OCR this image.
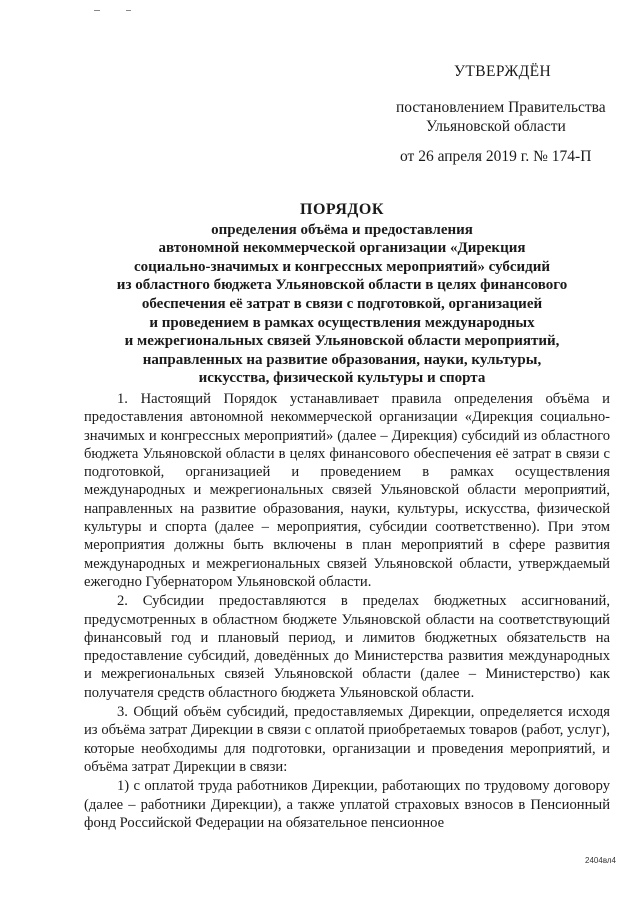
УТВЕРЖДЁН
постановлением Правительства
Ульяновской области
от 26 апреля 2019 г. № 174-П
ПОРЯДОК
определения объёма и предоставления
автономной некоммерческой организации «Дирекция
социально-значимых и конгрессных мероприятий» субсидий
из областного бюджета Ульяновской области в целях финансового
обеспечения её затрат в связи с подготовкой, организацией
и проведением в рамках осуществления международных
и межрегиональных связей Ульяновской области мероприятий,
направленных на развитие образования, науки, культуры,
искусства, физической культуры и спорта

1. Настоящий Порядок устанавливает правила определения объёма и предоставления автономной некоммерческой организации «Дирекция социально-значимых и конгрессных мероприятий» (далее – Дирекция) субсидий из областного бюджета Ульяновской области в целях финансового обеспечения её затрат в связи с подготовкой, организацией и проведением в рамках осуществления международных и межрегиональных связей Ульяновской области мероприятий, направленных на развитие образования, науки, культуры, искусства, физической культуры и спорта (далее – мероприятия, субсидии соответственно). При этом мероприятия должны быть включены в план мероприятий в сфере развития международных и межрегиональных связей Ульяновской области, утверждаемый ежегодно Губернатором Ульяновской области.

2. Субсидии предоставляются в пределах бюджетных ассигнований, предусмотренных в областном бюджете Ульяновской области на соответствующий финансовый год и плановый период, и лимитов бюджетных обязательств на предоставление субсидий, доведённых до Министерства развития международных и межрегиональных связей Ульяновской области (далее – Министерство) как получателя средств областного бюджета Ульяновской области.

3. Общий объём субсидий, предоставляемых Дирекции, определяется исходя из объёма затрат Дирекции в связи с оплатой приобретаемых товаров (работ, услуг), которые необходимы для подготовки, организации и проведения мероприятий, и объёма затрат Дирекции в связи:

1) с оплатой труда работников Дирекции, работающих по трудовому договору (далее – работники Дирекции), а также уплатой страховых взносов в Пенсионный фонд Российской Федерации на обязательное пенсионное

2404вл4
